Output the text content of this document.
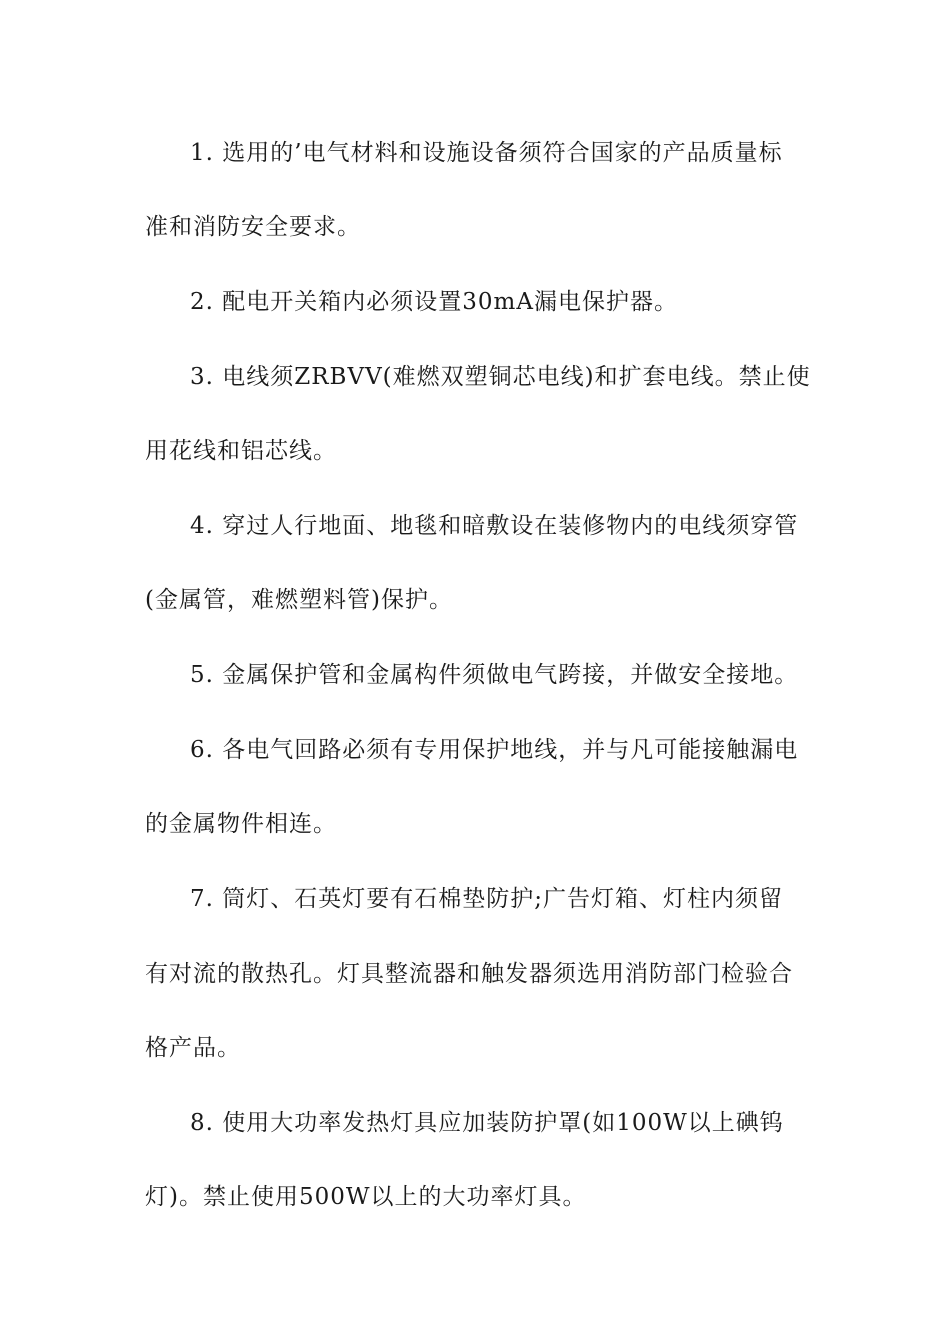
1. 选用的’电气材料和设施设备须符合国家的产品质量标
准和消防安全要求。
2. 配电开关箱内必须设置30mA漏电保护器。
3. 电线须ZRBVV(难燃双塑铜芯电线)和扩套电线。禁止使
用花线和铝芯线。
4. 穿过人行地面、地毯和暗敷设在装修物内的电线须穿管
(金属管，难燃塑料管)保护。
5. 金属保护管和金属构件须做电气跨接，并做安全接地。
6. 各电气回路必须有专用保护地线，并与凡可能接触漏电
的金属物件相连。
7. 筒灯、石英灯要有石棉垫防护;广告灯箱、灯柱内须留
有对流的散热孔。灯具整流器和触发器须选用消防部门检验合
格产品。
8. 使用大功率发热灯具应加装防护罩(如100W以上碘钨
灯)。禁止使用500W以上的大功率灯具。
